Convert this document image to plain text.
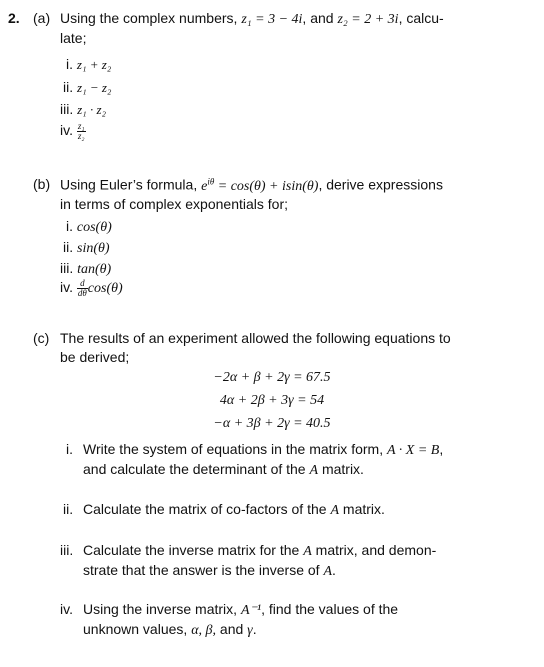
2. (a) Using the complex numbers, z₁ = 3 − 4i, and z₂ = 2 + 3i, calcu-
late;
i. z₁ + z₂
ii. z₁ − z₂
iii. z₁ · z₂
iv. $\frac{\text{z₁}}{\text{z₂}}$
(b) Using Euler’s formula, $e^{i\theta} = \cos(\theta) + isin(\theta)$, derive expressions
in terms of complex exponentials for;
i. cos(θ)
ii. sin(θ)
iii. tan(θ)
iv. $\frac{d}{d\theta} \cos(\theta)$
(c) The results of an experiment allowed the following equations to
be derived;
−2α + β + 2γ = 67.5
4α + 2β + 3γ = 54
−α + 3β + 2γ = 40.5
i. Write the system of equations in the matrix form, A · X = B,
and calculate the determinant of the A matrix.
ii. Calculate the matrix of co-factors of the A matrix.
iii. Calculate the inverse matrix for the A matrix, and demon-
strate that the answer is the inverse of A.
iv. Using the inverse matrix, A⁻¹, find the values of the
unknown values, α, β, and γ.
